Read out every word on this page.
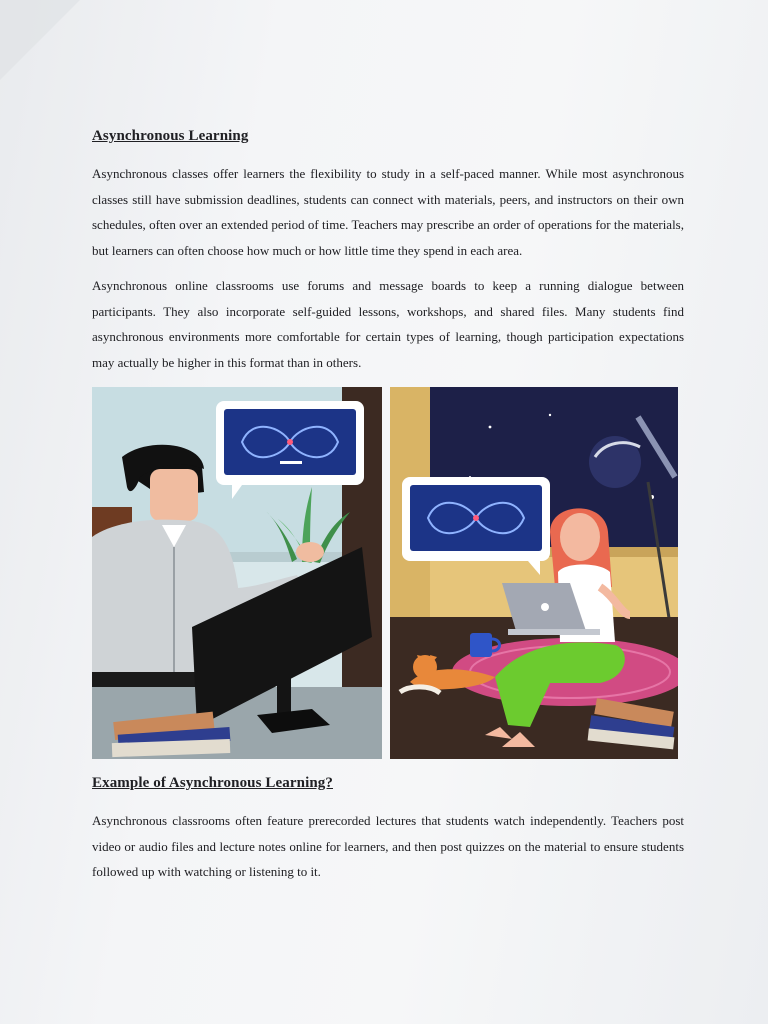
Asynchronous Learning

Asynchronous classes offer learners the flexibility to study in a self-paced manner. While most asynchronous classes still have submission deadlines, students can connect with materials, peers, and instructors on their own schedules, often over an extended period of time. Teachers may prescribe an order of operations for the materials, but learners can often choose how much or how little time they spend in each area.

Asynchronous online classrooms use forums and message boards to keep a running dialogue between participants. They also incorporate self-guided lessons, workshops, and shared files. Many students find asynchronous environments more comfortable for certain types of learning, though participation expectations may actually be higher in this format than in others.

Example of Asynchronous Learning?

Asynchronous classrooms often feature prerecorded lectures that students watch independently. Teachers post video or audio files and lecture notes online for learners, and then post quizzes on the material to ensure students followed up with watching or listening to it.
